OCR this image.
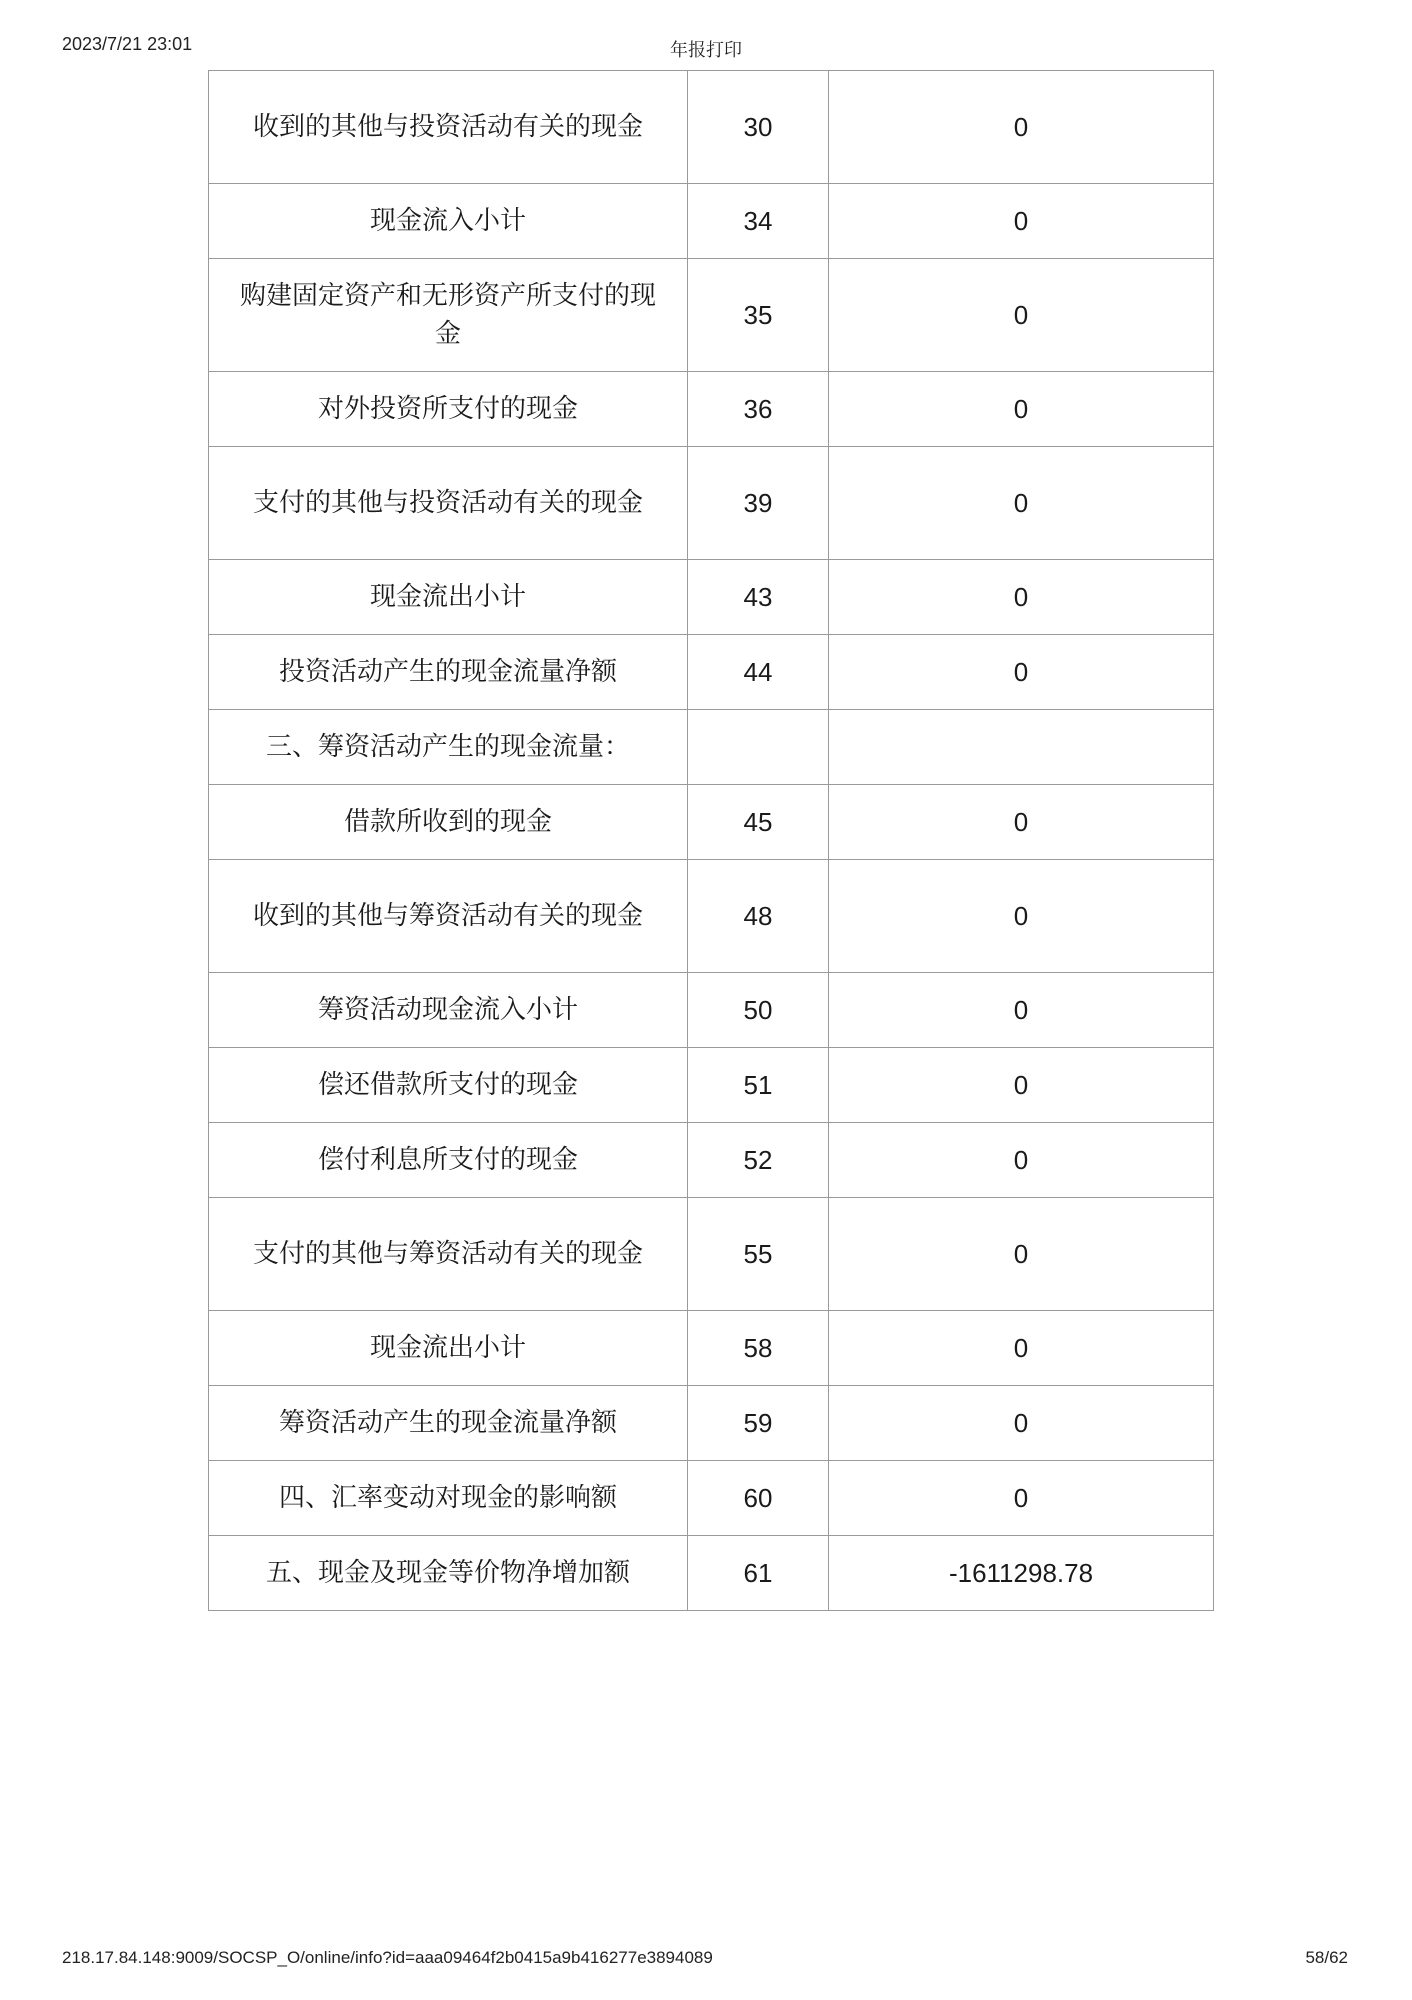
2023/7/21 23:01	年报打印
收到的其他与投资活动有关的现金	30	0
现金流入小计	34	0
购建固定资产和无形资产所支付的现金	35	0
对外投资所支付的现金	36	0
支付的其他与投资活动有关的现金	39	0
现金流出小计	43	0
投资活动产生的现金流量净额	44	0
三、筹资活动产生的现金流量：		
借款所收到的现金	45	0
收到的其他与筹资活动有关的现金	48	0
筹资活动现金流入小计	50	0
偿还借款所支付的现金	51	0
偿付利息所支付的现金	52	0
支付的其他与筹资活动有关的现金	55	0
现金流出小计	58	0
筹资活动产生的现金流量净额	59	0
四、汇率变动对现金的影响额	60	0
五、现金及现金等价物净增加额	61	-1611298.78
218.17.84.148:9009/SOCSP_O/online/info?id=aaa09464f2b0415a9b416277e3894089	58/62
